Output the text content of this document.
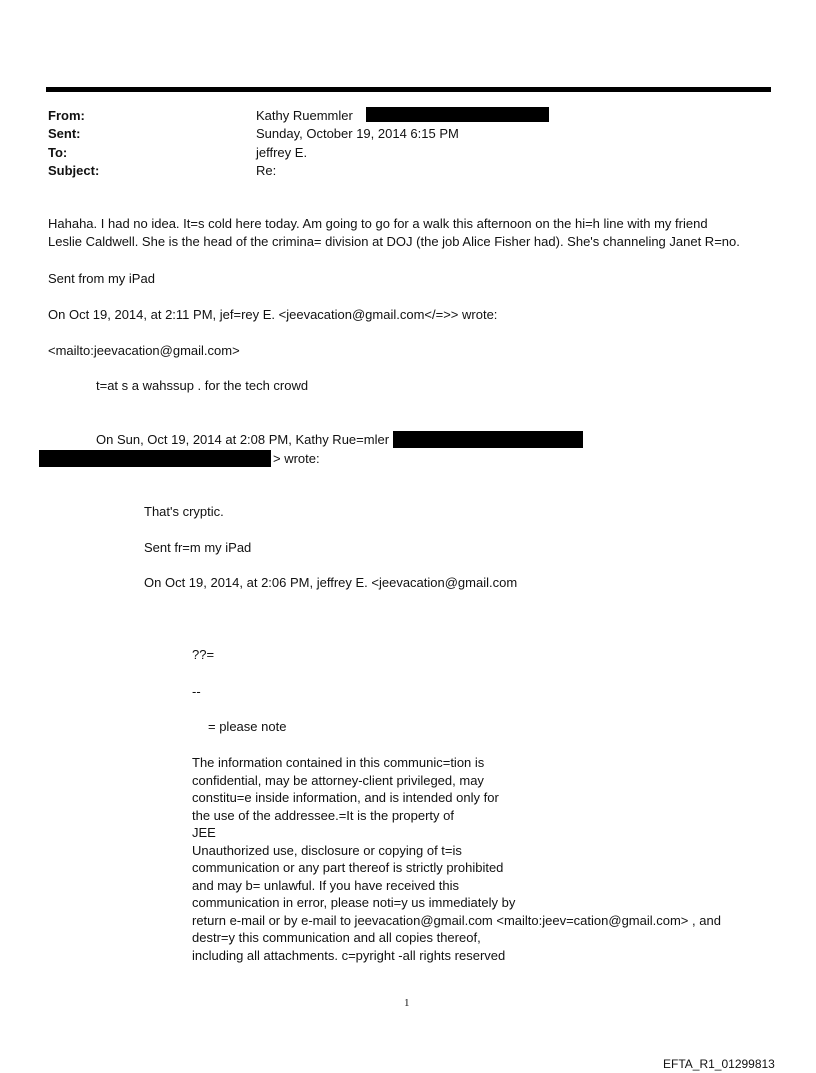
From:	Kathy Ruemmler
Sent:	Sunday, October 19, 2014 6:15 PM
To:	jeffrey E.
Subject:	Re:
Hahaha. I had no idea. It=s cold here today. Am going to go for a walk this afternoon on the hi=h line with my friend
Leslie Caldwell. She is the head of the crimina= division at DOJ (the job Alice Fisher had). She's channeling Janet R=no.
Sent from my iPad
On Oct 19, 2014, at 2:11 PM, jef=rey E. <jeevacation@gmail.com</=>> wrote:
<mailto:jeevacation@gmail.com>
t=at s a wahssup . for the tech crowd
On Sun, Oct 19, 2014 at 2:08 PM, Kathy Rue=mler
> wrote:
That's cryptic.
Sent fr=m my iPad
On Oct 19, 2014, at 2:06 PM, jeffrey E. <jeevacation@gmail.com
??=
--
= please note
The information contained in this communic=tion is
confidential, may be attorney-client privileged, may
constitu=e inside information, and is intended only for
the use of the addressee.=It is the property of
JEE
Unauthorized use, disclosure or copying of t=is
communication or any part thereof is strictly prohibited
and may b= unlawful. If you have received this
communication in error, please noti=y us immediately by
return e-mail or by e-mail to jeevacation@gmail.com <mailto:jeev=cation@gmail.com> , and
destr=y this communication and all copies thereof,
including all attachments. c=pyright -all rights reserved
1
EFTA_R1_01299813
